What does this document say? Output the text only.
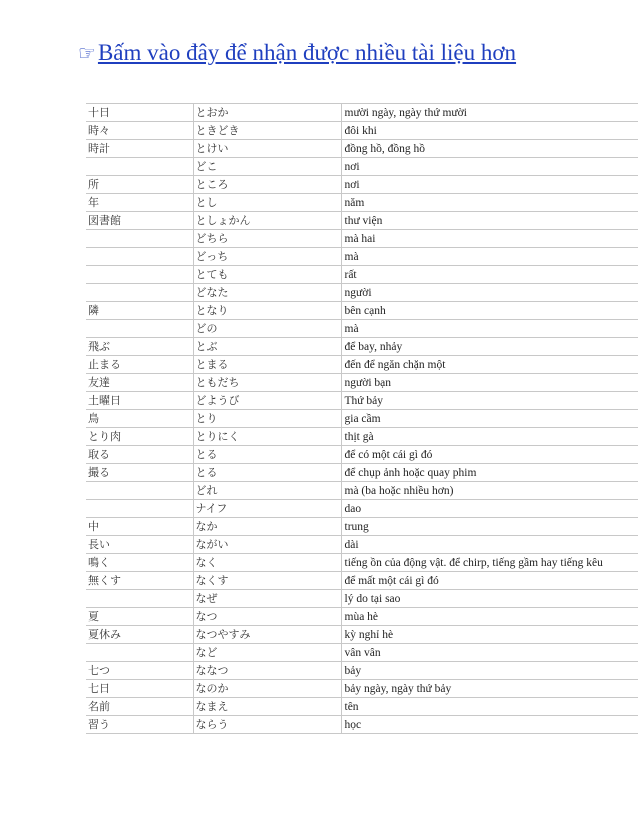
☞Bấm vào đây để nhận được nhiều tài liệu hơn
十日	とおか	mười ngày, ngày thứ mười
時々	ときどき	đôi khi
時計	とけい	đồng hồ, đồng hồ
	どこ	nơi
所	ところ	nơi
年	とし	năm
図書館	としょかん	thư viện
	どちら	mà hai
	どっち	mà
	とても	rất
	どなた	người
隣	となり	bên cạnh
	どの	mà
飛ぶ	とぶ	để bay, nhảy
止まる	とまる	đến để ngăn chặn một
友達	ともだち	người bạn
土曜日	どようび	Thứ bảy
鳥	とり	gia cầm
とり肉	とりにく	thịt gà
取る	とる	để có một cái gì đó
撮る	とる	để chụp ảnh hoặc quay phim
	どれ	mà (ba hoặc nhiều hơn)
	ナイフ	dao
中	なか	trung
長い	ながい	dài
鳴く	なく	tiếng ồn của động vật. để chirp, tiếng gầm hay tiếng kêu
無くす	なくす	để mất một cái gì đó
	なぜ	lý do tại sao
夏	なつ	mùa hè
夏休み	なつやすみ	kỳ nghỉ hè
	など	vân vân
七つ	ななつ	bảy
七日	なのか	bảy ngày, ngày thứ bảy
名前	なまえ	tên
習う	ならう	học
